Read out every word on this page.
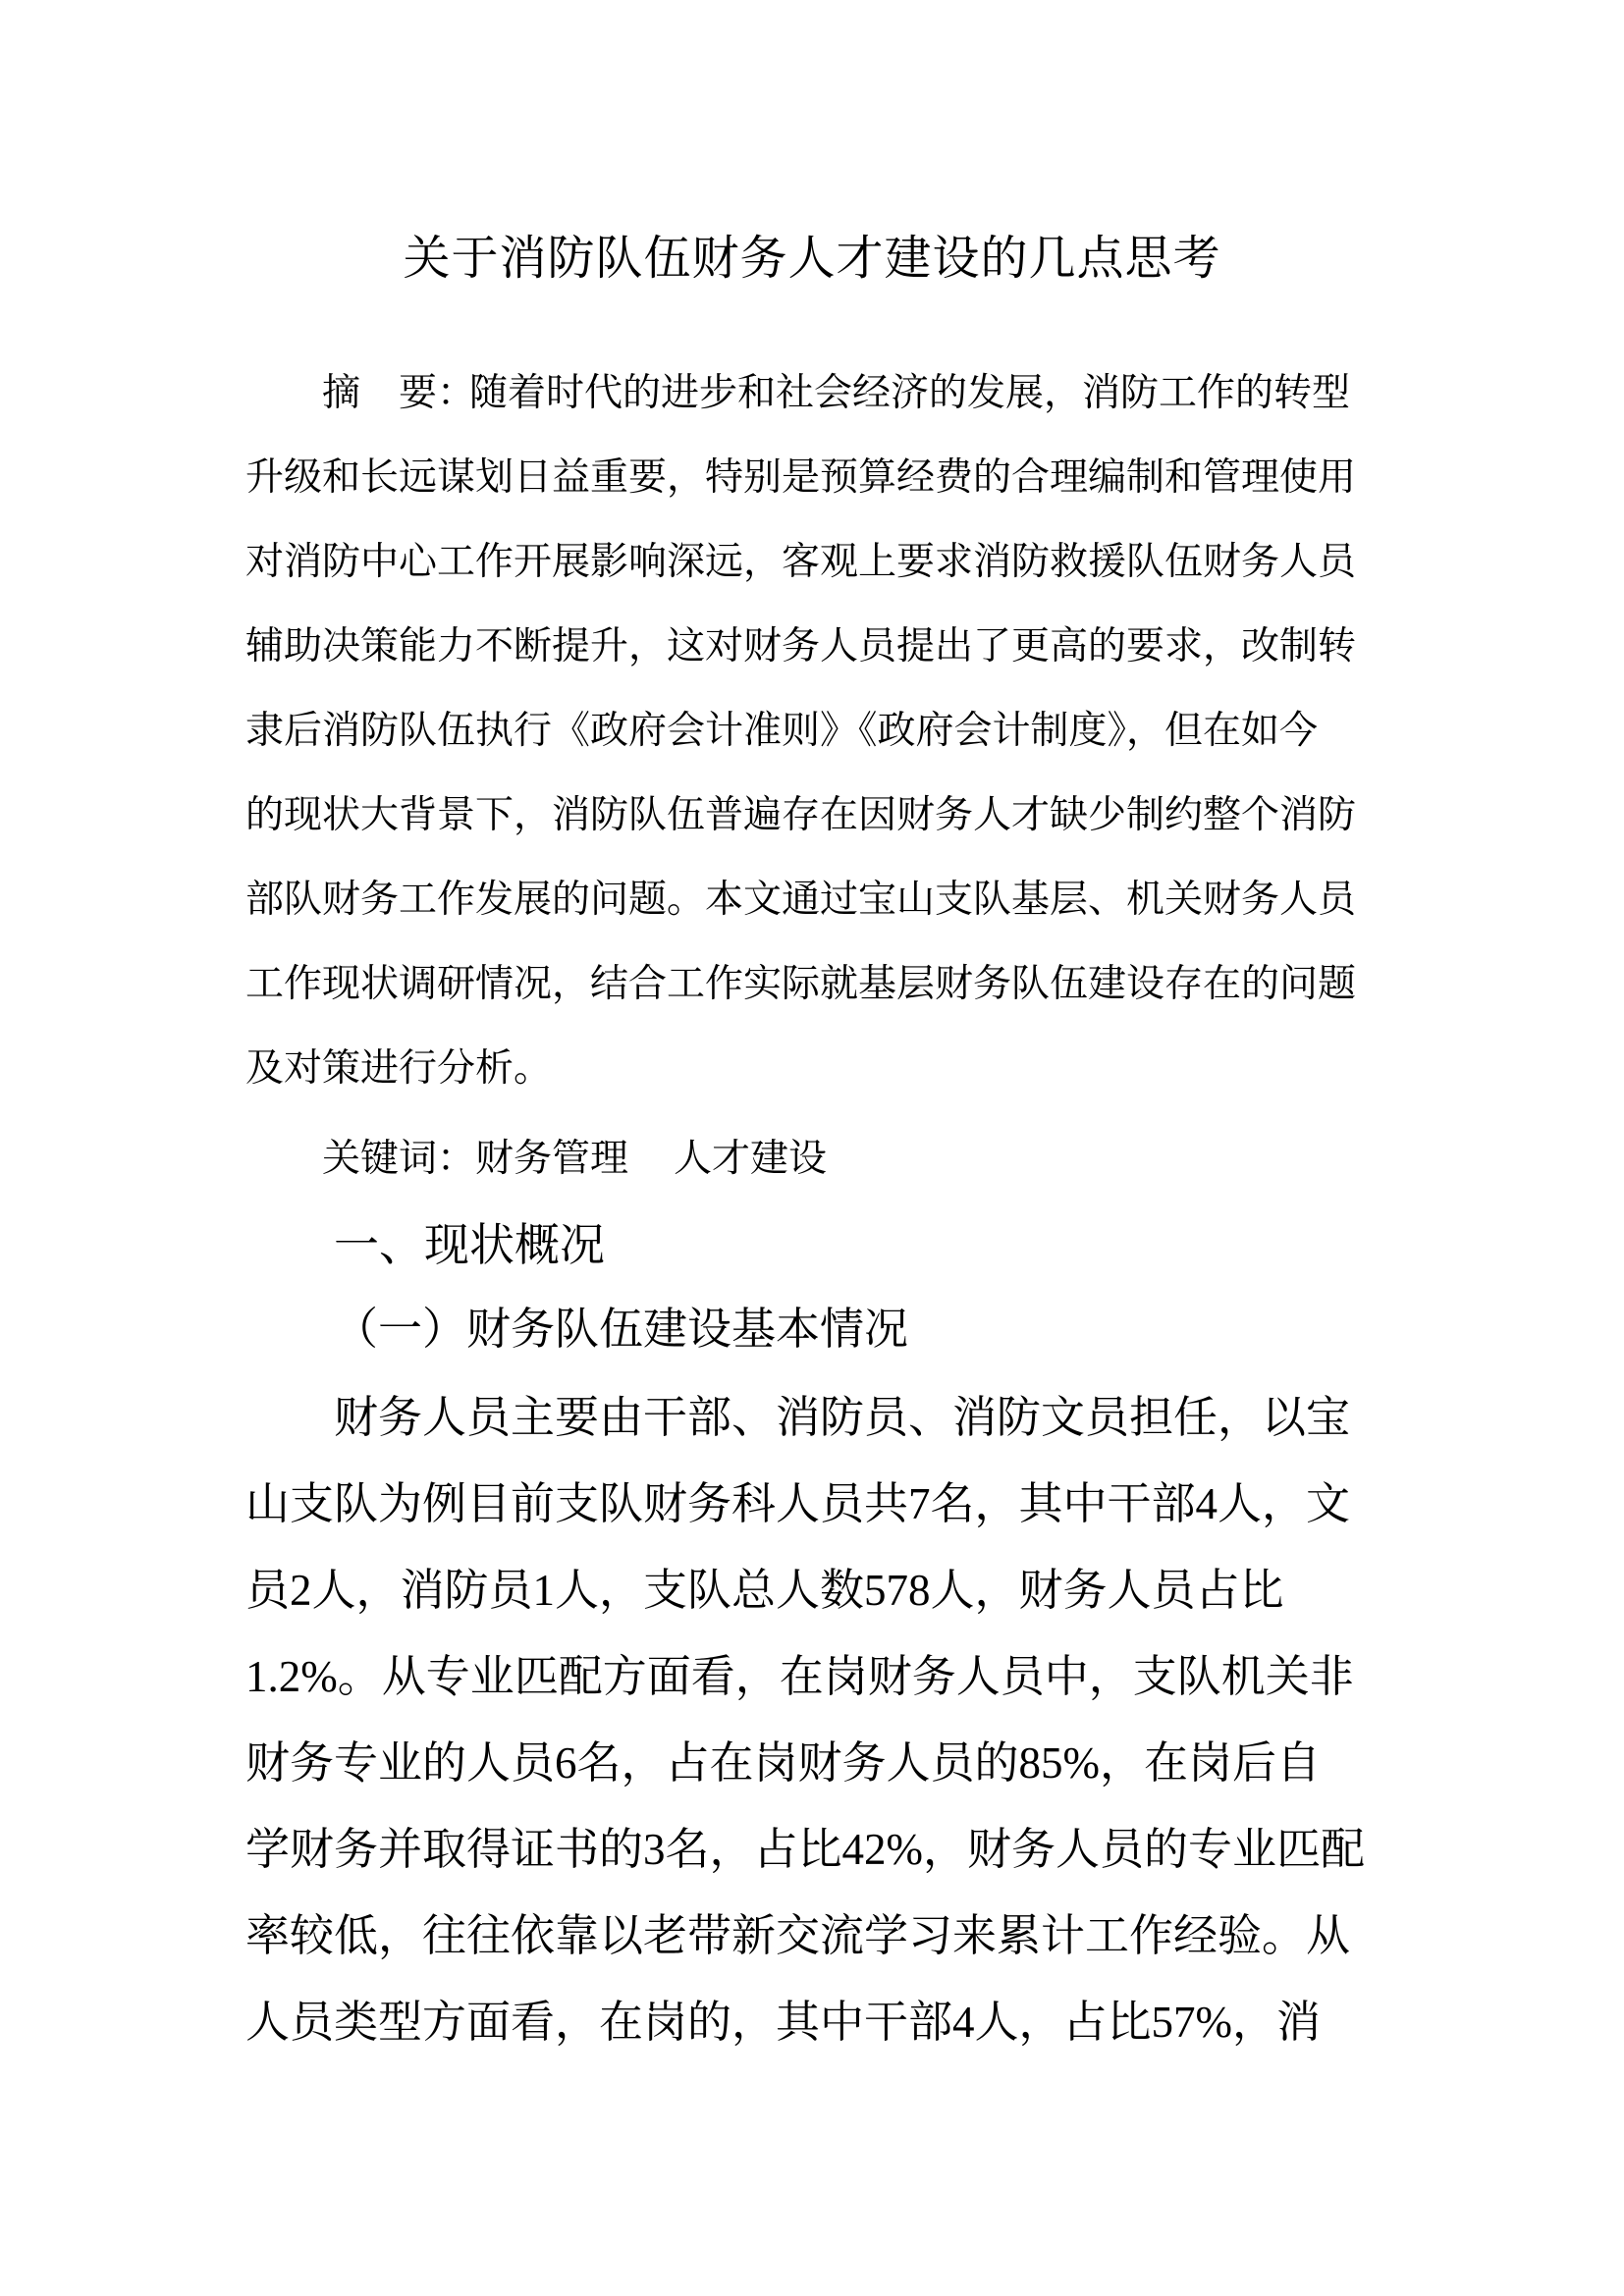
关于消防队伍财务人才建设的几点思考
摘　要：随着时代的进步和社会经济的发展，消防工作的转型
升级和长远谋划日益重要，特别是预算经费的合理编制和管理使用
对消防中心工作开展影响深远，客观上要求消防救援队伍财务人员
辅助决策能力不断提升，这对财务人员提出了更高的要求，改制转
隶后消防队伍执行《政府会计准则》《政府会计制度》，但在如今
的现状大背景下，消防队伍普遍存在因财务人才缺少制约整个消防
部队财务工作发展的问题。本文通过宝山支队基层、机关财务人员
工作现状调研情况，结合工作实际就基层财务队伍建设存在的问题
及对策进行分析。
关键词：财务管理 人才建设
一、现状概况
（一）财务队伍建设基本情况
财务人员主要由干部、消防员、消防文员担任，以宝
山支队为例目前支队财务科人员共7名，其中干部4人，文
员2人，消防员1人，支队总人数578人，财务人员占比
1.2%。从专业匹配方面看，在岗财务人员中，支队机关非
财务专业的人员6名，占在岗财务人员的85%，在岗后自
学财务并取得证书的3名，占比42%，财务人员的专业匹配
率较低，往往依靠以老带新交流学习来累计工作经验。从
人员类型方面看，在岗的，其中干部4人，占比57%，消
